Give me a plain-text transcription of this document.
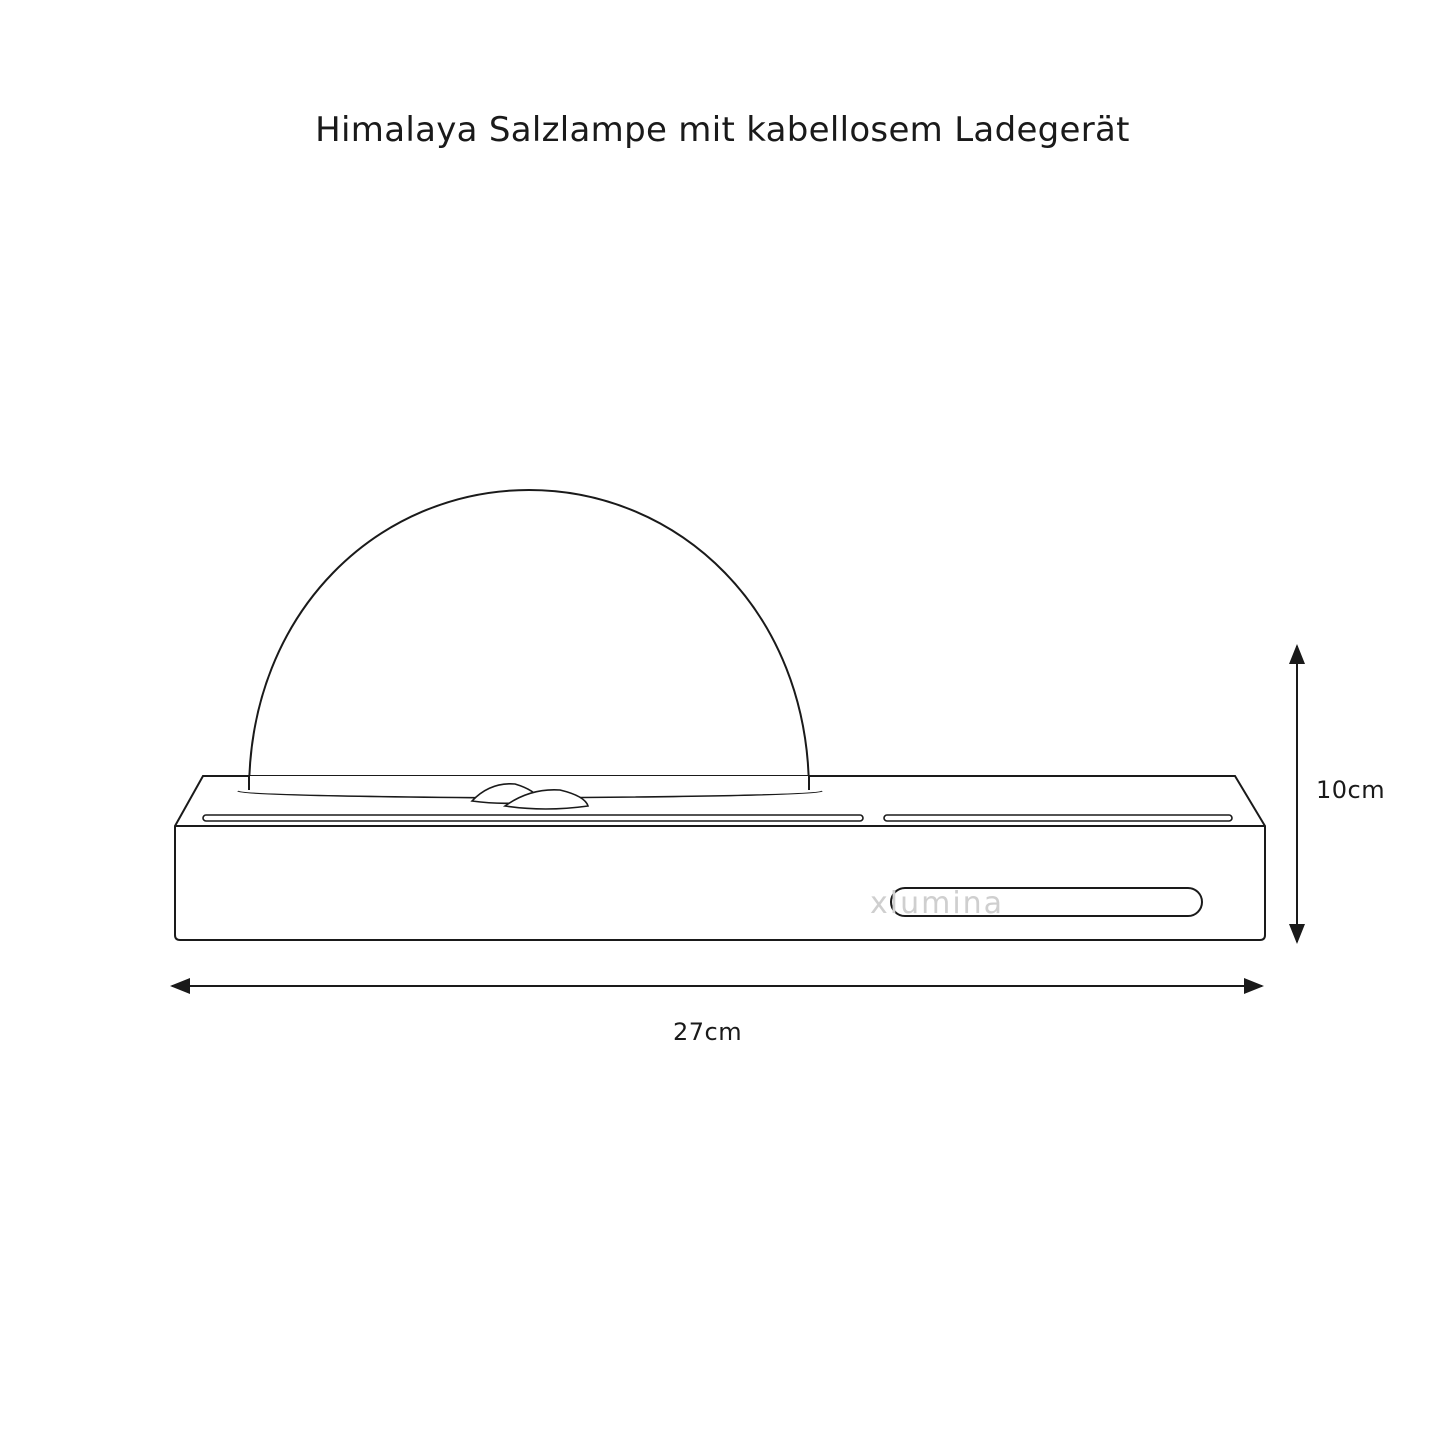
Himalaya Salzlampe mit kabellosem Ladegerät
xlumina
10cm
27cm
